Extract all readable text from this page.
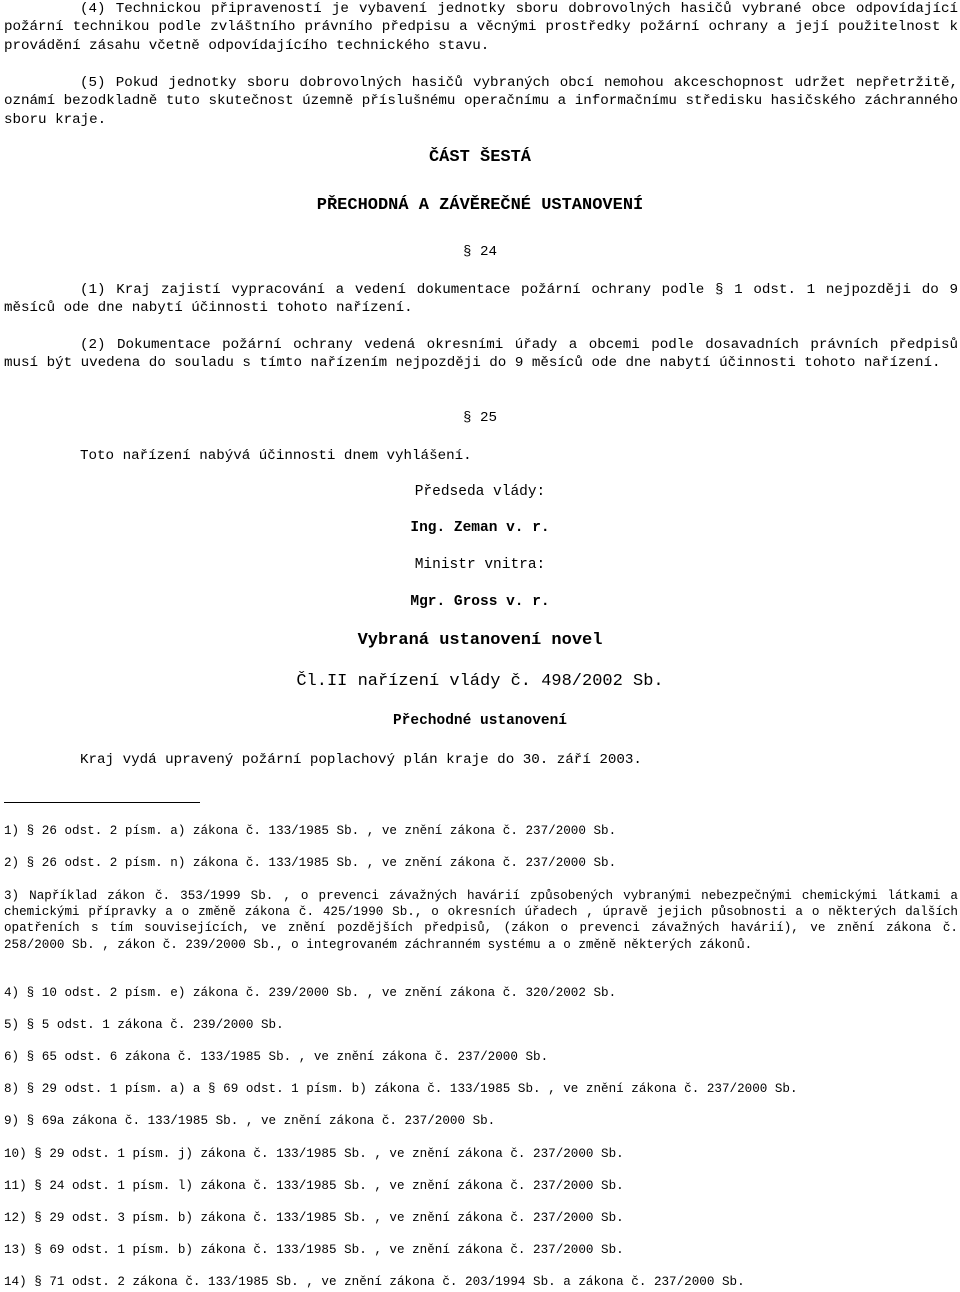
(4) Technickou připraveností je vybavení jednotky sboru dobrovolných hasičů vybrané obce odpovídající požární technikou podle zvláštního právního předpisu a věcnými prostředky požární ochrany a její použitelnost k provádění zásahu včetně odpovídajícího technického stavu.

(5) Pokud jednotky sboru dobrovolných hasičů vybraných obcí nemohou akceschopnost udržet nepřetržitě, oznámí bezodkladně tuto skutečnost územně příslušnému operačnímu a informačnímu středisku hasičského záchranného sboru kraje.

ČÁST ŠESTÁ
PŘECHODNÁ A ZÁVĚREČNÉ USTANOVENÍ
§ 24

(1) Kraj zajistí vypracování a vedení dokumentace požární ochrany podle § 1 odst. 1 nejpozději do 9 měsíců ode dne nabytí účinnosti tohoto nařízení.

(2) Dokumentace požární ochrany vedená okresními úřady a obcemi podle dosavadních právních předpisů musí být uvedena do souladu s tímto nařízením nejpozději do 9 měsíců ode dne nabytí účinnosti tohoto nařízení.

§ 25

Toto nařízení nabývá účinnosti dnem vyhlášení.

Předseda vlády:
Ing. Zeman v. r.
Ministr vnitra:
Mgr. Gross v. r.
Vybraná ustanovení novel
Čl.II nařízení vlády č. 498/2002 Sb.
Přechodné ustanovení

Kraj vydá upravený požární poplachový plán kraje do 30. září 2003.

1) § 26 odst. 2 písm. a) zákona č. 133/1985 Sb. , ve znění zákona č. 237/2000 Sb.

2) § 26 odst. 2 písm. n) zákona č. 133/1985 Sb. , ve znění zákona č. 237/2000 Sb.

3) Například zákon č. 353/1999 Sb. , o prevenci závažných havárií způsobených vybranými nebezpečnými chemickými látkami a chemickými přípravky a o změně zákona č. 425/1990 Sb., o okresních úřadech , úpravě jejich působnosti a o některých dalších opatřeních s tím souvisejících, ve znění pozdějších předpisů, (zákon o prevenci závažných havárií), ve znění zákona č. 258/2000 Sb. , zákon č. 239/2000 Sb., o integrovaném záchranném systému a o změně některých zákonů.

4) § 10 odst. 2 písm. e) zákona č. 239/2000 Sb. , ve znění zákona č. 320/2002 Sb.

5) § 5 odst. 1 zákona č. 239/2000 Sb.

6) § 65 odst. 6 zákona č. 133/1985 Sb. , ve znění zákona č. 237/2000 Sb.

8) § 29 odst. 1 písm. a) a § 69 odst. 1 písm. b) zákona č. 133/1985 Sb. , ve znění zákona č. 237/2000 Sb.

9) § 69a zákona č. 133/1985 Sb. , ve znění zákona č. 237/2000 Sb.

10) § 29 odst. 1 písm. j) zákona č. 133/1985 Sb. , ve znění zákona č. 237/2000 Sb.

11) § 24 odst. 1 písm. l) zákona č. 133/1985 Sb. , ve znění zákona č. 237/2000 Sb.

12) § 29 odst. 3 písm. b) zákona č. 133/1985 Sb. , ve znění zákona č. 237/2000 Sb.

13) § 69 odst. 1 písm. b) zákona č. 133/1985 Sb. , ve znění zákona č. 237/2000 Sb.

14) § 71 odst. 2 zákona č. 133/1985 Sb. , ve znění zákona č. 203/1994 Sb. a zákona č. 237/2000 Sb.
